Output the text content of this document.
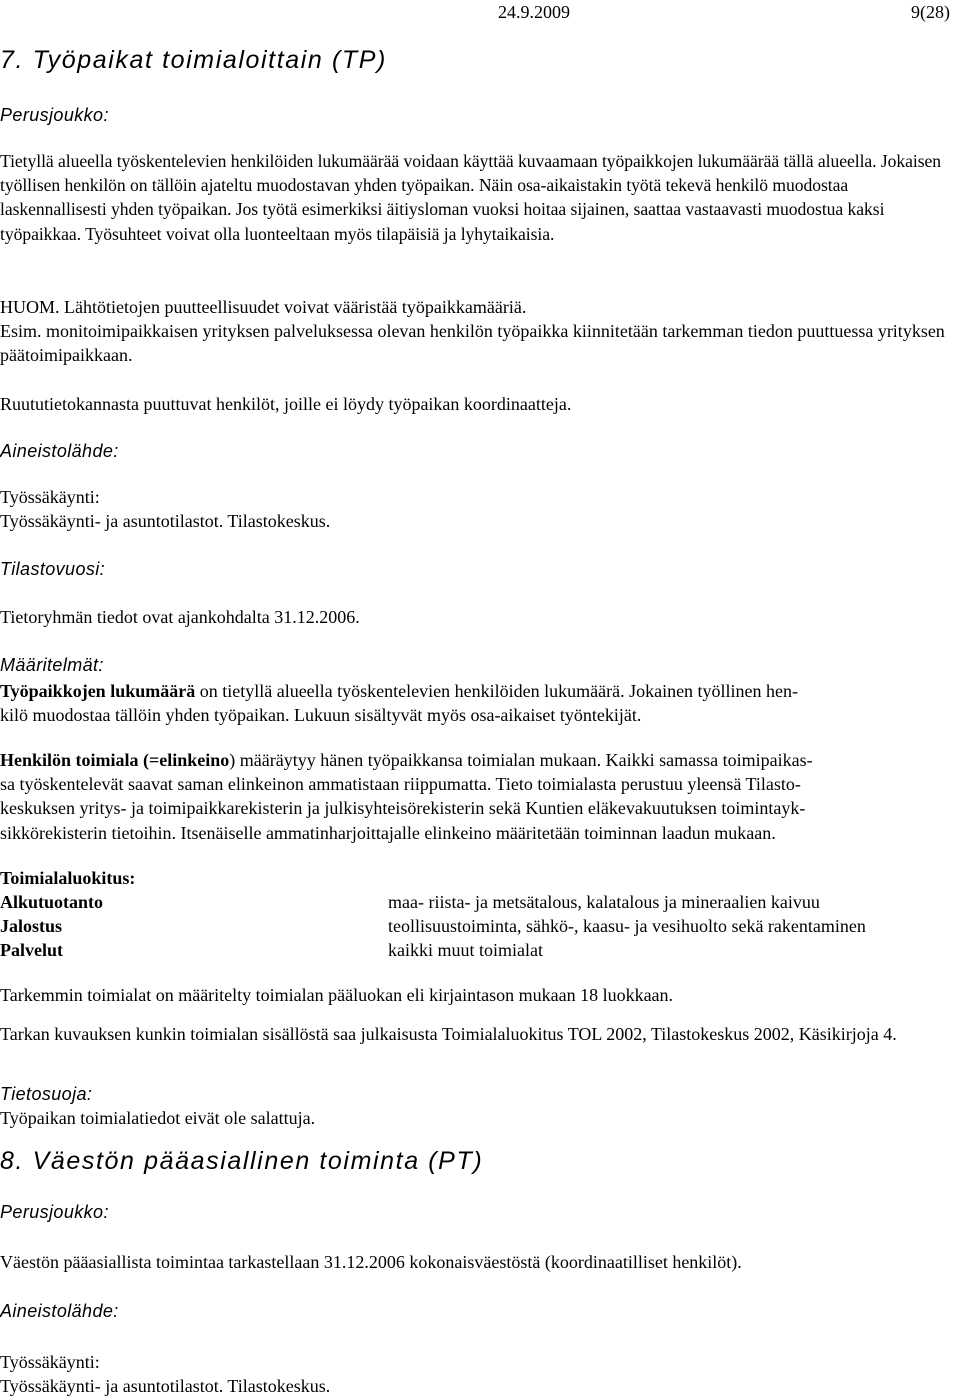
24.9.2009	9(28)
7. Työpaikat toimialoittain (TP)
Perusjoukko:

Tietyllä alueella työskentelevien henkilöiden lukumäärää voidaan käyttää kuvaamaan työpaikkojen lukumäärää tällä alueella. Jokaisen työllisen henkilön on tällöin ajateltu muodostavan yhden työpaikan. Näin osa-aikaistakin työtä tekevä henkilö muodostaa laskennallisesti yhden työpaikan. Jos työtä esimerkiksi äitiysloman vuoksi hoitaa sijainen, saattaa vastaavasti muodostua kaksi työpaikkaa. Työsuhteet voivat olla luonteeltaan myös tilapäisiä ja lyhytaikaisia.

HUOM. Lähtötietojen puutteellisuudet voivat vääristää työpaikkamääriä.

Esim. monitoimipaikkaisen yrityksen palveluksessa olevan henkilön työpaikka kiinnitetään tarkemman tiedon puuttuessa yrityksen päätoimipaikkaan.

Ruututietokannasta puuttuvat henkilöt, joille ei löydy työpaikan koordinaatteja.

Aineistolähde:

Työssäkäynti:

Työssäkäynti- ja asuntotilastot. Tilastokeskus.

Tilastovuosi:

Tietoryhmän tiedot ovat ajankohdalta 31.12.2006.

Määritelmät:
Työpaikkojen lukumäärä on tietyllä alueella työskentelevien henkilöiden lukumäärä. Jokainen työllinen hen-
kilö muodostaa tällöin yhden työpaikan. Lukuun sisältyvät myös osa-aikaiset työntekijät.
Henkilön toimiala (=elinkeino) määräytyy hänen työpaikkansa toimialan mukaan. Kaikki samassa toimipaikas-
sa työskentelevät saavat saman elinkeinon ammatistaan riippumatta. Tieto toimialasta perustuu yleensä Tilasto-
keskuksen yritys- ja toimipaikkarekisterin ja julkisyhteisörekisterin sekä Kuntien eläkevakuutuksen toimintayk-
sikkörekisterin tietoihin. Itsenäiselle ammatinharjoittajalle elinkeino määritetään toiminnan laadun mukaan.

Toimialaluokitus:

Alkutuotanto	maa- riista- ja metsätalous, kalatalous ja mineraalien kaivuu
Jalostus	teollisuustoiminta, sähkö-, kaasu- ja vesihuolto sekä rakentaminen
Palvelut	kaikki muut toimialat

Tarkemmin toimialat on määritelty toimialan pääluokan eli kirjaintason mukaan 18 luokkaan.

Tarkan kuvauksen kunkin toimialan sisällöstä saa julkaisusta Toimialaluokitus TOL 2002, Tilastokeskus 2002, Käsikirjoja 4.

Tietosuoja:

Työpaikan toimialatiedot eivät ole salattuja.

8. Väestön pääasiallinen toiminta (PT)
Perusjoukko:

Väestön pääasiallista toimintaa tarkastellaan 31.12.2006 kokonaisväestöstä (koordinaatilliset henkilöt).

Aineistolähde:

Työssäkäynti:

Työssäkäynti- ja asuntotilastot. Tilastokeskus.
